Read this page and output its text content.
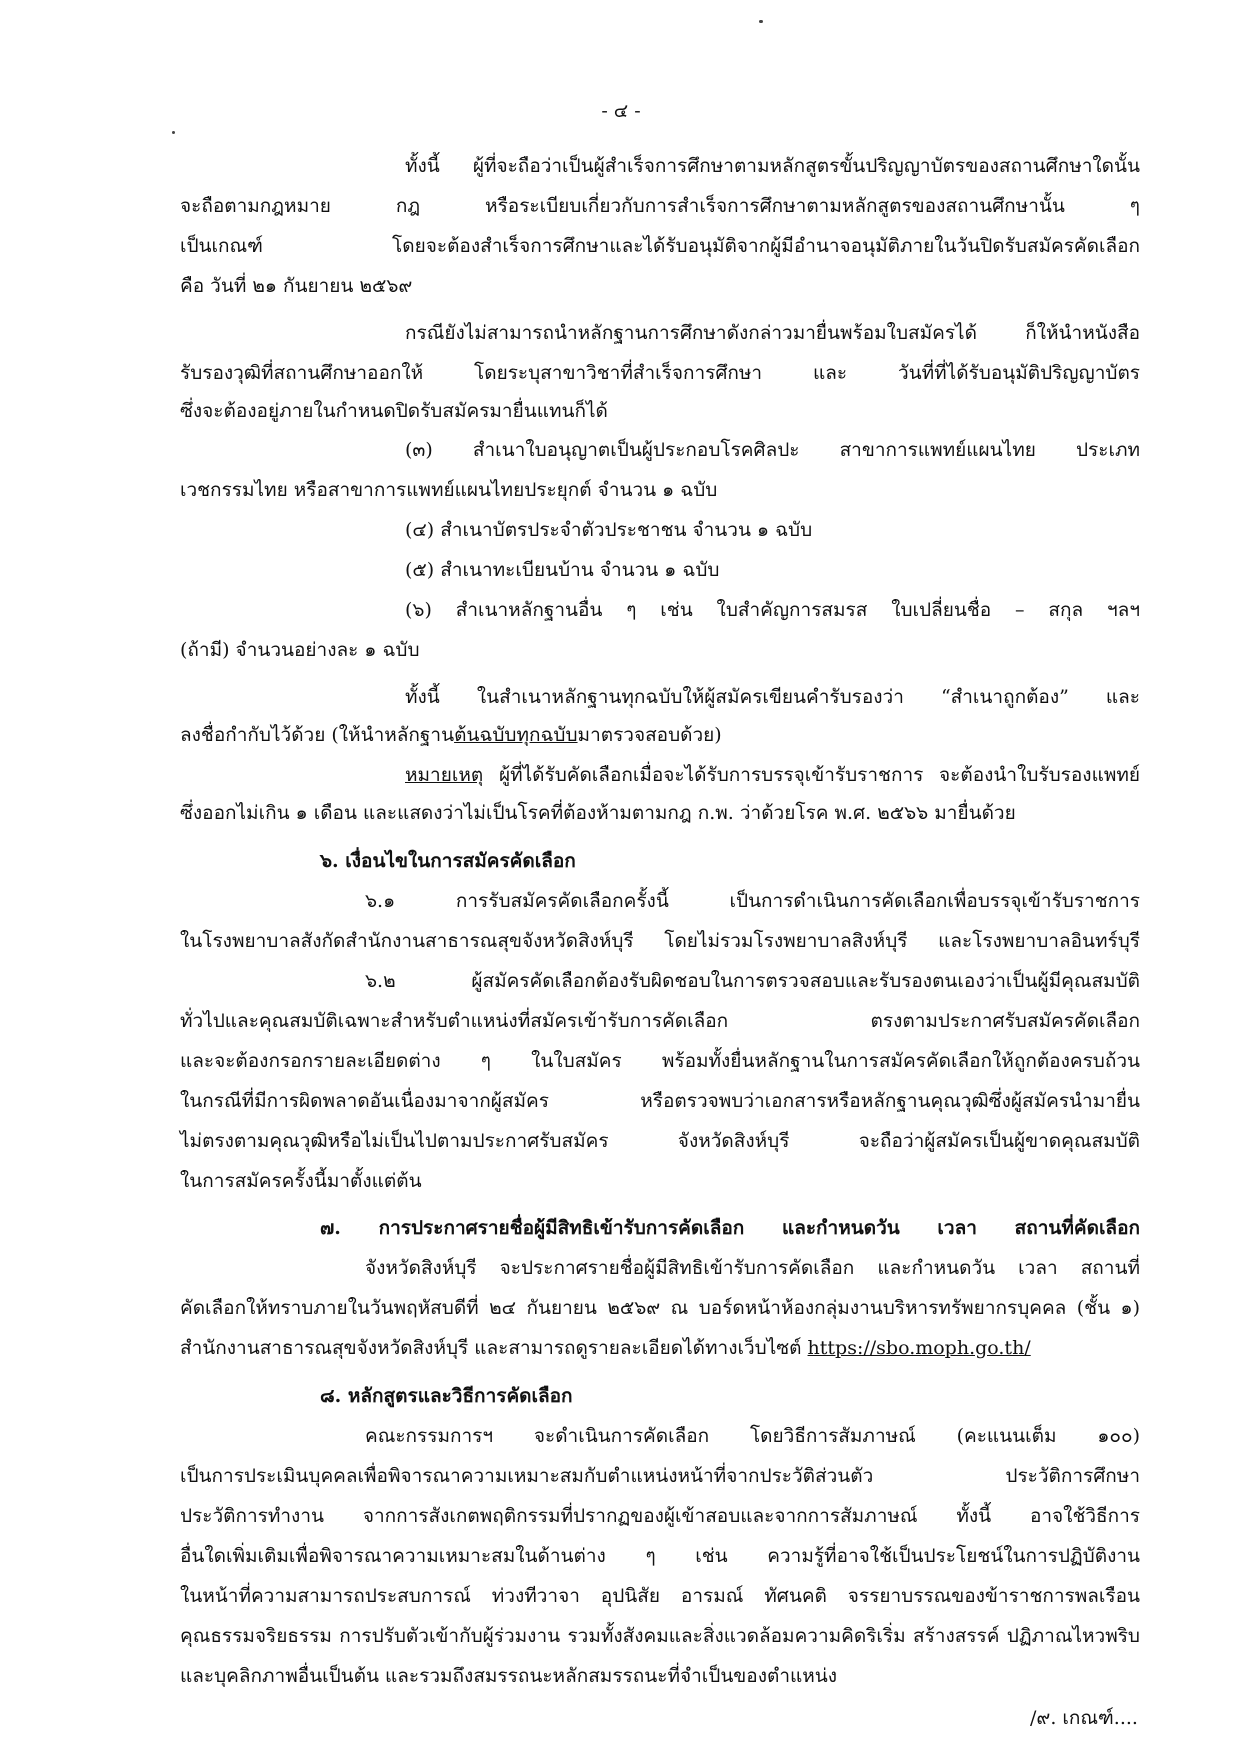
- ๔ -
ทั้งนี้ ผู้ที่จะถือว่าเป็นผู้สำเร็จการศึกษาตามหลักสูตรขั้นปริญญาบัตรของสถานศึกษาใดนั้น
จะถือตามกฎหมาย กฎ หรือระเบียบเกี่ยวกับการสำเร็จการศึกษาตามหลักสูตรของสถานศึกษานั้น ๆ
เป็นเกณฑ์ โดยจะต้องสำเร็จการศึกษาและได้รับอนุมัติจากผู้มีอำนาจอนุมัติภายในวันปิดรับสมัครคัดเลือก
คือ วันที่ ๒๑ กันยายน ๒๕๖๙
กรณียังไม่สามารถนำหลักฐานการศึกษาดังกล่าวมายื่นพร้อมใบสมัครได้ ก็ให้นำหนังสือ
รับรองวุฒิที่สถานศึกษาออกให้ โดยระบุสาขาวิชาที่สำเร็จการศึกษา และ วันที่ที่ได้รับอนุมัติปริญญาบัตร
ซึ่งจะต้องอยู่ภายในกำหนดปิดรับสมัครมายื่นแทนก็ได้
(๓) สำเนาใบอนุญาตเป็นผู้ประกอบโรคศิลปะ สาขาการแพทย์แผนไทย ประเภท
เวชกรรมไทย หรือสาขาการแพทย์แผนไทยประยุกต์ จำนวน ๑ ฉบับ
(๔) สำเนาบัตรประจำตัวประชาชน จำนวน ๑ ฉบับ
(๕) สำเนาทะเบียนบ้าน จำนวน ๑ ฉบับ
(๖) สำเนาหลักฐานอื่น ๆ เช่น ใบสำคัญการสมรส ใบเปลี่ยนชื่อ – สกุล ฯลฯ
(ถ้ามี) จำนวนอย่างละ ๑ ฉบับ
ทั้งนี้ ในสำเนาหลักฐานทุกฉบับให้ผู้สมัครเขียนคำรับรองว่า “สำเนาถูกต้อง” และ
ลงชื่อกำกับไว้ด้วย (ให้นำหลักฐานต้นฉบับทุกฉบับมาตรวจสอบด้วย)
หมายเหตุ ผู้ที่ได้รับคัดเลือกเมื่อจะได้รับการบรรจุเข้ารับราชการ จะต้องนำใบรับรองแพทย์
ซึ่งออกไม่เกิน ๑ เดือน และแสดงว่าไม่เป็นโรคที่ต้องห้ามตามกฎ ก.พ. ว่าด้วยโรค พ.ศ. ๒๕๖๖ มายื่นด้วย
๖. เงื่อนไขในการสมัครคัดเลือก
๖.๑ การรับสมัครคัดเลือกครั้งนี้ เป็นการดำเนินการคัดเลือกเพื่อบรรจุเข้ารับราชการ
ในโรงพยาบาลสังกัดสำนักงานสาธารณสุขจังหวัดสิงห์บุรี โดยไม่รวมโรงพยาบาลสิงห์บุรี และโรงพยาบาลอินทร์บุรี
๖.๒ ผู้สมัครคัดเลือกต้องรับผิดชอบในการตรวจสอบและรับรองตนเองว่าเป็นผู้มีคุณสมบัติ
ทั่วไปและคุณสมบัติเฉพาะสำหรับตำแหน่งที่สมัครเข้ารับการคัดเลือก ตรงตามประกาศรับสมัครคัดเลือก
และจะต้องกรอกรายละเอียดต่าง ๆ ในใบสมัคร พร้อมทั้งยื่นหลักฐานในการสมัครคัดเลือกให้ถูกต้องครบถ้วน
ในกรณีที่มีการผิดพลาดอันเนื่องมาจากผู้สมัคร หรือตรวจพบว่าเอกสารหรือหลักฐานคุณวุฒิซึ่งผู้สมัครนำมายื่น
ไม่ตรงตามคุณวุฒิหรือไม่เป็นไปตามประกาศรับสมัคร จังหวัดสิงห์บุรี จะถือว่าผู้สมัครเป็นผู้ขาดคุณสมบัติ
ในการสมัครครั้งนี้มาตั้งแต่ต้น
๗. การประกาศรายชื่อผู้มีสิทธิเข้ารับการคัดเลือก และกำหนดวัน เวลา สถานที่คัดเลือก
จังหวัดสิงห์บุรี จะประกาศรายชื่อผู้มีสิทธิเข้ารับการคัดเลือก และกำหนดวัน เวลา สถานที่
คัดเลือกให้ทราบภายในวันพฤหัสบดีที่ ๒๔ กันยายน ๒๕๖๙ ณ บอร์ดหน้าห้องกลุ่มงานบริหารทรัพยากรบุคคล (ชั้น ๑)
สำนักงานสาธารณสุขจังหวัดสิงห์บุรี และสามารถดูรายละเอียดได้ทางเว็บไซต์ https://sbo.moph.go.th/
๘. หลักสูตรและวิธีการคัดเลือก
คณะกรรมการฯ จะดำเนินการคัดเลือก โดยวิธีการสัมภาษณ์ (คะแนนเต็ม ๑๐๐)
เป็นการประเมินบุคคลเพื่อพิจารณาความเหมาะสมกับตำแหน่งหน้าที่จากประวัติส่วนตัว ประวัติการศึกษา
ประวัติการทำงาน จากการสังเกตพฤติกรรมที่ปรากฏของผู้เข้าสอบและจากการสัมภาษณ์ ทั้งนี้ อาจใช้วิธีการ
อื่นใดเพิ่มเติมเพื่อพิจารณาความเหมาะสมในด้านต่าง ๆ เช่น ความรู้ที่อาจใช้เป็นประโยชน์ในการปฏิบัติงาน
ในหน้าที่ความสามารถประสบการณ์ ท่วงทีวาจา อุปนิสัย อารมณ์ ทัศนคติ จรรยาบรรณของข้าราชการพลเรือน
คุณธรรมจริยธรรม การปรับตัวเข้ากับผู้ร่วมงาน รวมทั้งสังคมและสิ่งแวดล้อมความคิดริเริ่ม สร้างสรรค์ ปฏิภาณไหวพริบ
และบุคลิกภาพอื่นเป็นต้น และรวมถึงสมรรถนะหลักสมรรถนะที่จำเป็นของตำแหน่ง
/๙. เกณฑ์....
